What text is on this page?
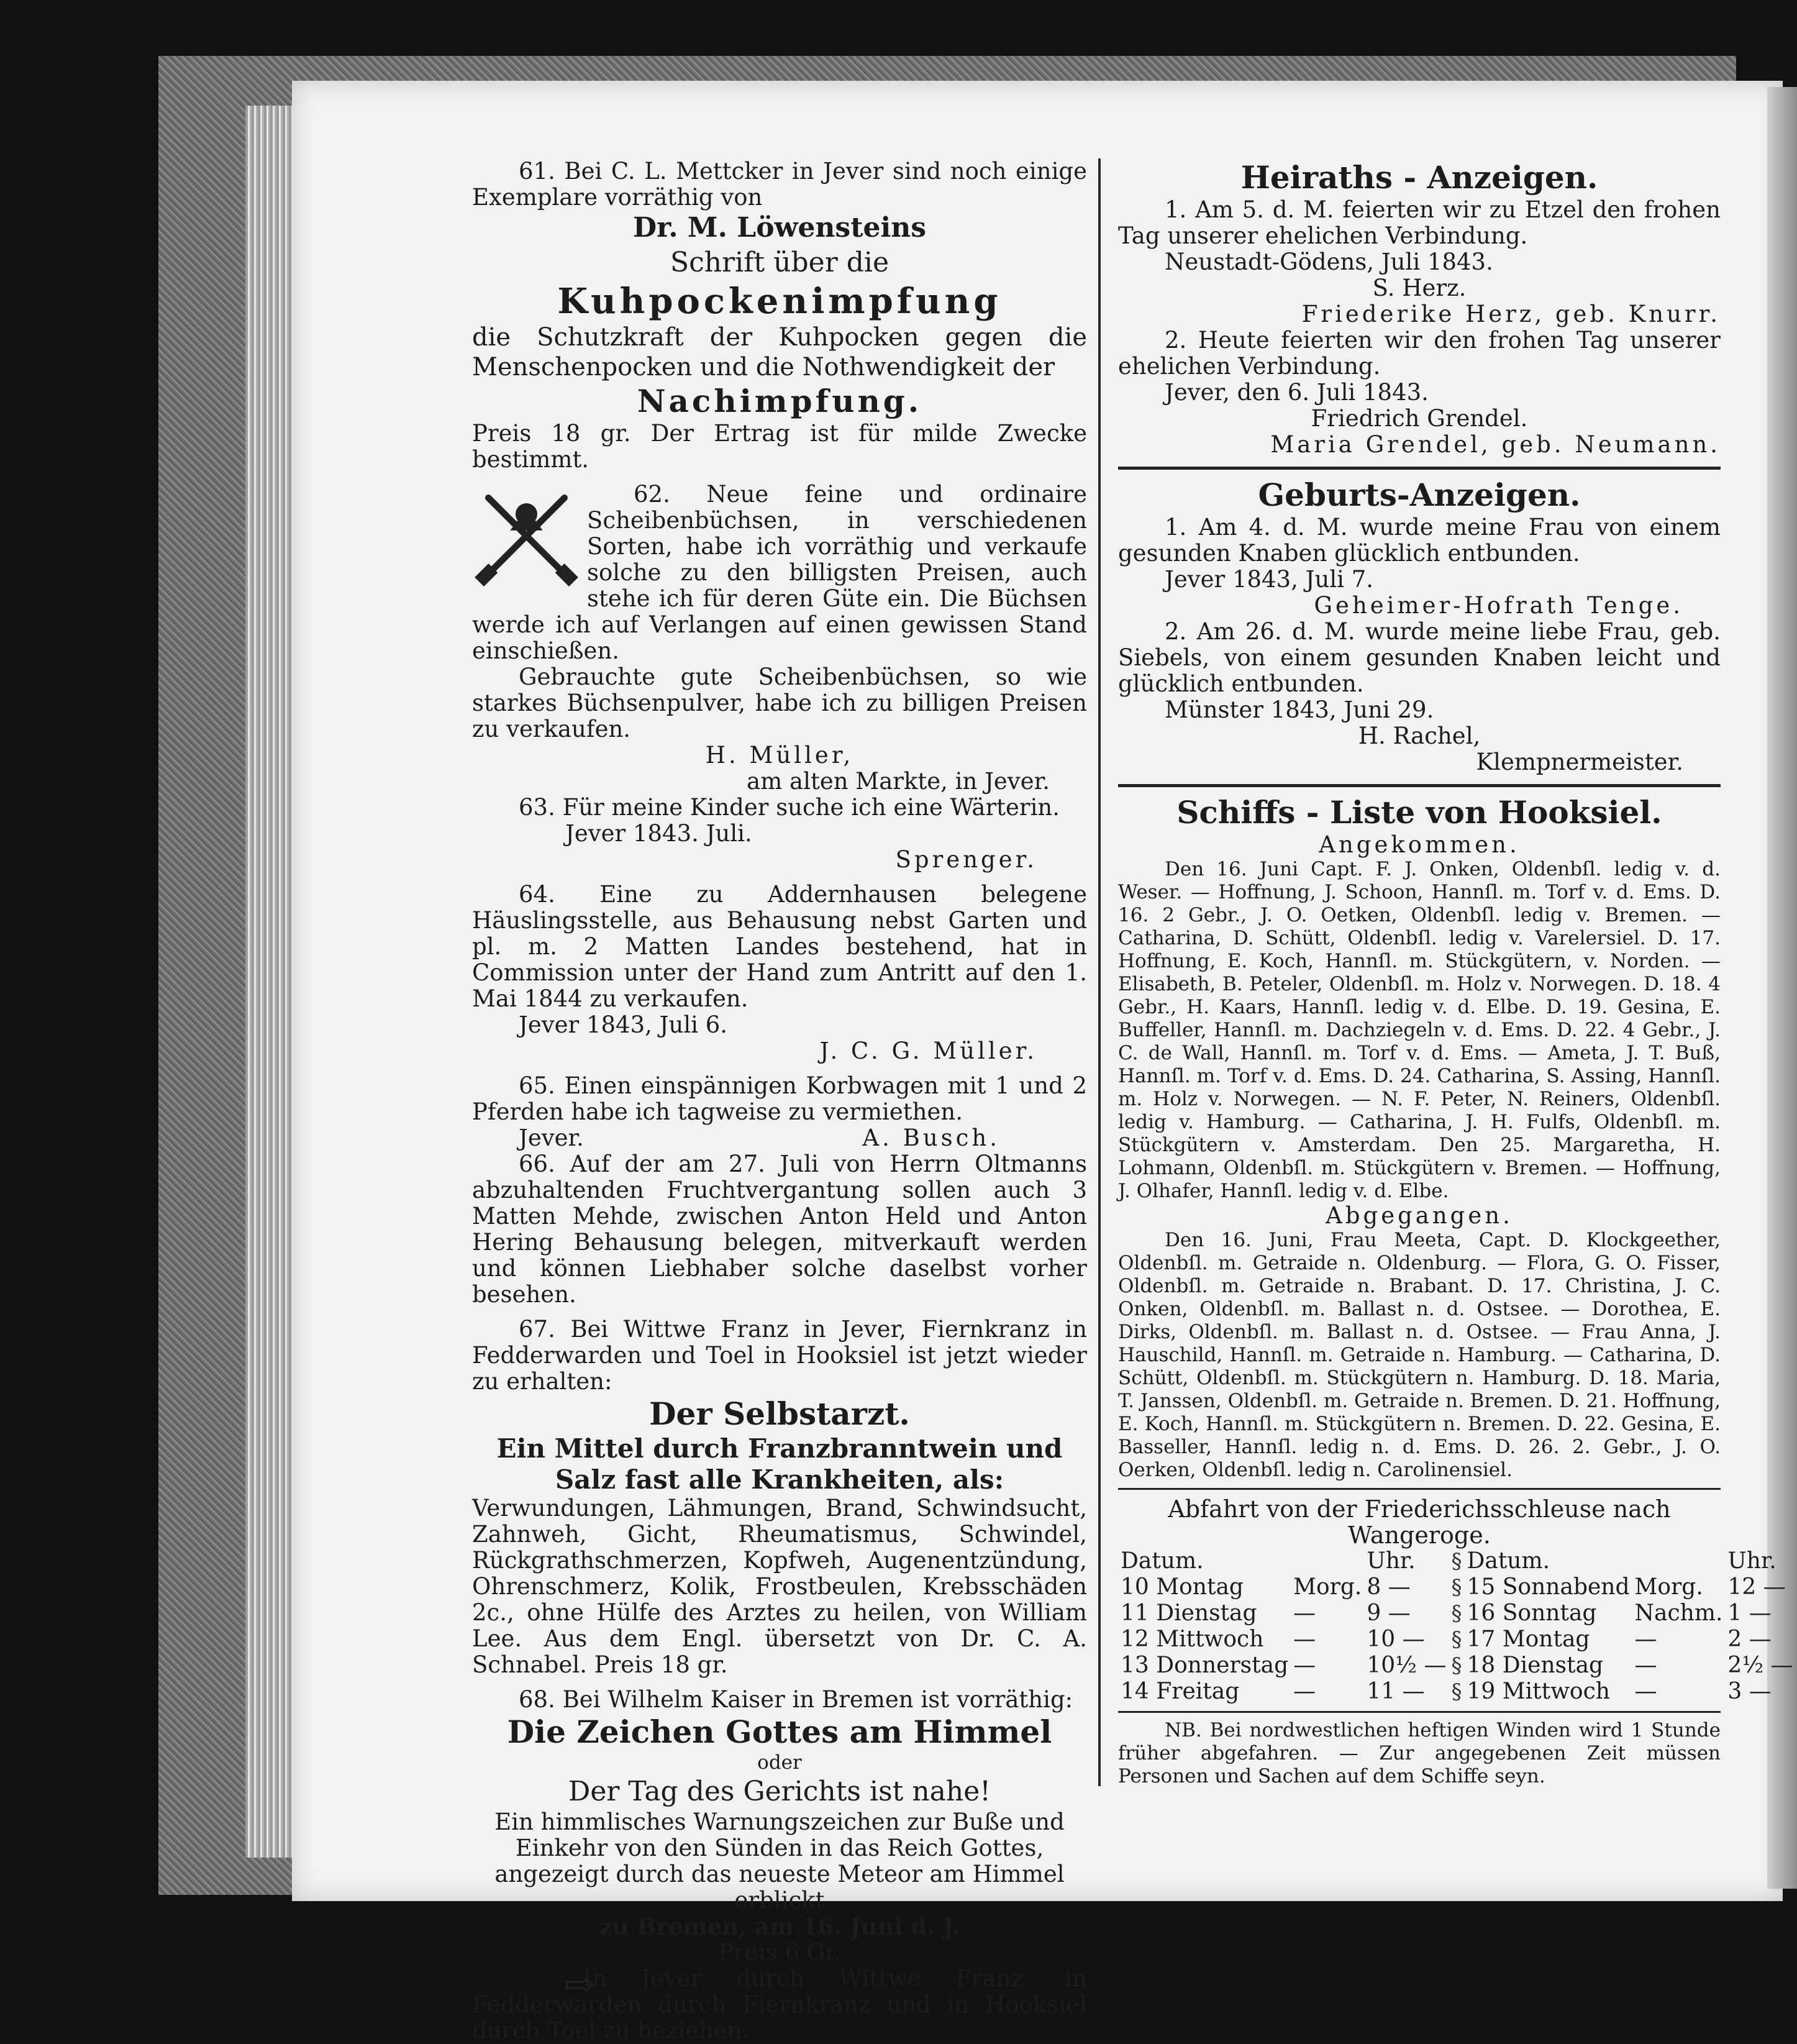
61. Bei C. L. Mettcker in Jever sind noch einige Exemplare vorräthig von

Dr. M. Löwensteins

Schrift über die

Kuhpockenimpfung

die Schutzkraft der Kuhpocken gegen die Menschenpocken und die Nothwendigkeit der

Nachimpfung.

Preis 18 gr. Der Ertrag ist für milde Zwecke bestimmt.

62. Neue feine und ordinaire Scheibenbüchsen, in verschiedenen Sorten, habe ich vorräthig und verkaufe solche zu den billigsten Preisen, auch stehe ich für deren Güte ein. Die Büchsen werde ich auf Verlangen auf einen gewissen Stand einschießen.

Gebrauchte gute Scheibenbüchsen, so wie starkes Büchsenpulver, habe ich zu billigen Preisen zu verkaufen.

H. Müller,

am alten Markte, in Jever.

63. Für meine Kinder suche ich eine Wärterin.

Jever 1843. Juli.

Sprenger.

64. Eine zu Addernhausen belegene Häuslingsstelle, aus Behausung nebst Garten und pl. m. 2 Matten Landes bestehend, hat in Commission unter der Hand zum Antritt auf den 1. Mai 1844 zu verkaufen.

Jever 1843, Juli 6.

J. C. G. Müller.

65. Einen einspännigen Korbwagen mit 1 und 2 Pferden habe ich tagweise zu vermiethen.

Jever.	A. Busch.

66. Auf der am 27. Juli von Herrn Oltmanns abzuhaltenden Fruchtvergantung sollen auch 3 Matten Mehde, zwischen Anton Held und Anton Hering Behausung belegen, mitverkauft werden und können Liebhaber solche daselbst vorher besehen.

67. Bei Wittwe Franz in Jever, Fiernkranz in Fedderwarden und Toel in Hooksiel ist jetzt wieder zu erhalten:

Der Selbstarzt.

Ein Mittel durch Franzbranntwein und Salz fast alle Krankheiten, als:

Verwundungen, Lähmungen, Brand, Schwindsucht, Zahnweh, Gicht, Rheumatismus, Schwindel, Rückgrathschmerzen, Kopfweh, Augenentzündung, Ohrenschmerz, Kolik, Frostbeulen, Krebsschäden 2c., ohne Hülfe des Arztes zu heilen, von William Lee. Aus dem Engl. übersetzt von Dr. C. A. Schnabel. Preis 18 gr.

68. Bei Wilhelm Kaiser in Bremen ist vorräthig:

Die Zeichen Gottes am Himmel

oder

Der Tag des Gerichts ist nahe!

Ein himmlisches Warnungszeichen zur Buße und Einkehr von den Sünden in das Reich Gottes, angezeigt durch das neueste Meteor am Himmel erblickt

zu Bremen, am 16. Juni d. J.

Preis 6 Gr.

In Jever durch Wittwe Franz, in Fedderwarden durch Fiernkranz und in Hooksiel durch Toel zu beziehen.

Heiraths - Anzeigen.

1. Am 5. d. M. feierten wir zu Etzel den frohen Tag unserer ehelichen Verbindung.

Neustadt-Gödens, Juli 1843.

S. Herz.

Friederike Herz, geb. Knurr.

2. Heute feierten wir den frohen Tag unserer ehelichen Verbindung.

Jever, den 6. Juli 1843.

Friedrich Grendel.

Maria Grendel, geb. Neumann.

Geburts-Anzeigen.

1. Am 4. d. M. wurde meine Frau von einem gesunden Knaben glücklich entbunden.

Jever 1843, Juli 7.

Geheimer-Hofrath Tenge.

2. Am 26. d. M. wurde meine liebe Frau, geb. Siebels, von einem gesunden Knaben leicht und glücklich entbunden.

Münster 1843, Juni 29.

H. Rachel,

Klempnermeister.

Schiffs - Liste von Hooksiel.

Angekommen.

Den 16. Juni Capt. F. J. Onken, Oldenbſl. ledig v. d. Weser. — Hoffnung, J. Schoon, Hannſl. m. Torf v. d. Ems. D. 16. 2 Gebr., J. O. Oetken, Oldenbſl. ledig v. Bremen. — Catharina, D. Schütt, Oldenbſl. ledig v. Varelersiel. D. 17. Hoffnung, E. Koch, Hannſl. m. Stückgütern, v. Norden. — Elisabeth, B. Peteler, Oldenbſl. m. Holz v. Norwegen. D. 18. 4 Gebr., H. Kaars, Hannſl. ledig v. d. Elbe. D. 19. Gesina, E. Buffeller, Hannſl. m. Dachziegeln v. d. Ems. D. 22. 4 Gebr., J. C. de Wall, Hannſl. m. Torf v. d. Ems. — Ameta, J. T. Buß, Hannſl. m. Torf v. d. Ems. D. 24. Catharina, S. Assing, Hannſl. m. Holz v. Norwegen. — N. F. Peter, N. Reiners, Oldenbſl. ledig v. Hamburg. — Catharina, J. H. Fulfs, Oldenbſl. m. Stückgütern v. Amsterdam. Den 25. Margaretha, H. Lohmann, Oldenbſl. m. Stückgütern v. Bremen. — Hoffnung, J. Olhafer, Hannſl. ledig v. d. Elbe.

Abgegangen.

Den 16. Juni, Frau Meeta, Capt. D. Klockgeether, Oldenbſl. m. Getraide n. Oldenburg. — Flora, G. O. Fisser, Oldenbſl. m. Getraide n. Brabant. D. 17. Christina, J. C. Onken, Oldenbſl. m. Ballast n. d. Ostsee. — Dorothea, E. Dirks, Oldenbſl. m. Ballast n. d. Ostsee. — Frau Anna, J. Hauschild, Hannſl. m. Getraide n. Hamburg. — Catharina, D. Schütt, Oldenbſl. m. Stückgütern n. Hamburg. D. 18. Maria, T. Janssen, Oldenbſl. m. Getraide n. Bremen. D. 21. Hoffnung, E. Koch, Hannſl. m. Stückgütern n. Bremen. D. 22. Gesina, E. Basseller, Hannſl. ledig n. d. Ems. D. 26. 2. Gebr., J. O. Oerken, Oldenbſl. ledig n. Carolinensiel.

Abfahrt von der Friederichsschleuse nach Wangeroge.

Datum.		Uhr.	§	Datum.		Uhr.
10 Montag	Morg.	8 —	§	15 Sonnabend	Morg.	12 —
11 Dienstag	—	9 —	§	16 Sonntag	Nachm.	1 —
12 Mittwoch	—	10 —	§	17 Montag	—	2 —
13 Donnerstag	—	10½ —	§	18 Dienstag	—	2½ —
14 Freitag	—	11 —	§	19 Mittwoch	—	3 —

NB. Bei nordwestlichen heftigen Winden wird 1 Stunde früher abgefahren. — Zur angegebenen Zeit müssen Personen und Sachen auf dem Schiffe seyn.
